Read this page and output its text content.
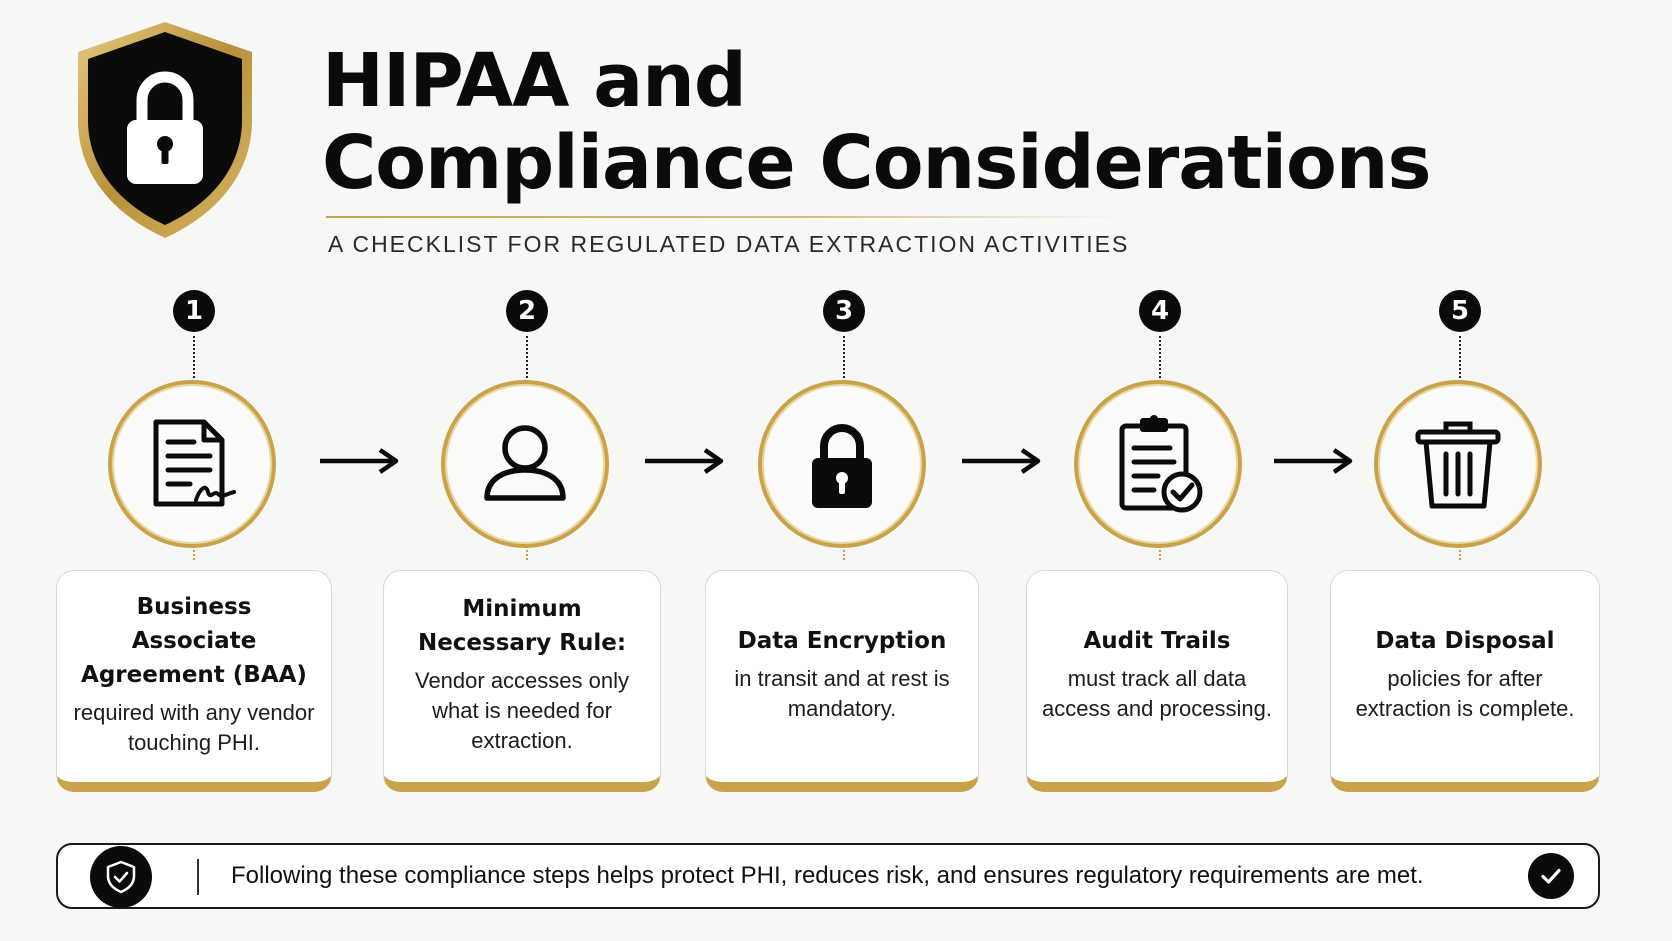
HIPAA and
Compliance Considerations
A CHECKLIST FOR REGULATED DATA EXTRACTION ACTIVITIES
1	2	3	4	5
Business Associate Agreement (BAA)
required with any vendor touching PHI.
Minimum Necessary Rule:
Vendor accesses only what is needed for extraction.
Data Encryption
in transit and at rest is mandatory.
Audit Trails
must track all data access and processing.
Data Disposal
policies for after extraction is complete.
Following these compliance steps helps protect PHI, reduces risk, and ensures regulatory requirements are met.
